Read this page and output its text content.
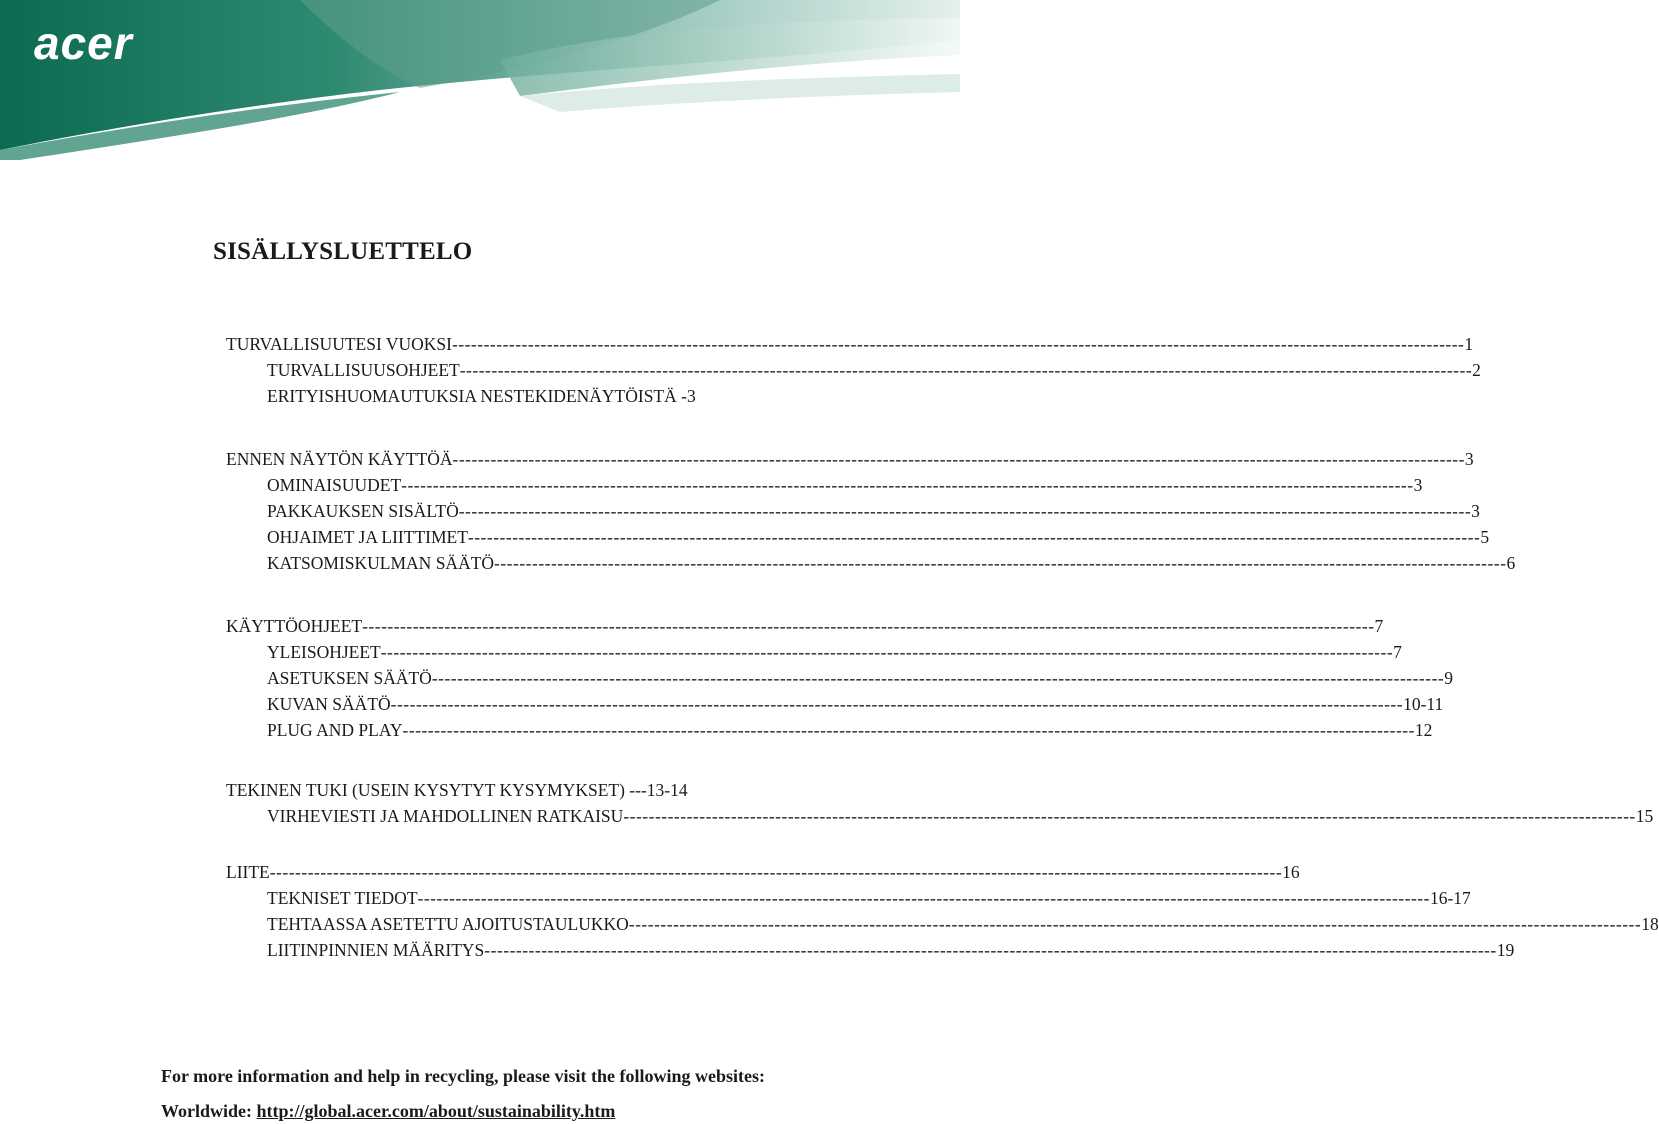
acer
SISÄLLYSLUETTELO
TURVALLISUUTESI VUOKSI ---------------------------------------------------------------------------------------------------------------------------------------------------------------- 1
TURVALLISUUSOHJEET ---------------------------------------------------------------------------------------------------------------------------------------------------------------- 2
ERITYISHUOMAUTUKSIA NESTEKIDENÄYTÖISTÄ - 3
ENNEN NÄYTÖN KÄYTTÖÄ ---------------------------------------------------------------------------------------------------------------------------------------------------------------- 3
OMINAISUUDET ---------------------------------------------------------------------------------------------------------------------------------------------------------------- 3
PAKKAUKSEN SISÄLTÖ ---------------------------------------------------------------------------------------------------------------------------------------------------------------- 3
OHJAIMET JA LIITTIMET ---------------------------------------------------------------------------------------------------------------------------------------------------------------- 5
KATSOMISKULMAN SÄÄTÖ ---------------------------------------------------------------------------------------------------------------------------------------------------------------- 6
KÄYTTÖOHJEET ---------------------------------------------------------------------------------------------------------------------------------------------------------------- 7
YLEISOHJEET ---------------------------------------------------------------------------------------------------------------------------------------------------------------- 7
ASETUKSEN SÄÄTÖ ---------------------------------------------------------------------------------------------------------------------------------------------------------------- 9
KUVAN SÄÄTÖ ---------------------------------------------------------------------------------------------------------------------------------------------------------------- 10-11
PLUG AND PLAY ---------------------------------------------------------------------------------------------------------------------------------------------------------------- 12
TEKINEN TUKI (USEIN KYSYTYT KYSYMYKSET) --- 13-14
VIRHEVIESTI JA MAHDOLLINEN RATKAISU ---------------------------------------------------------------------------------------------------------------------------------------------------------------- 15
LIITE ---------------------------------------------------------------------------------------------------------------------------------------------------------------- 16
TEKNISET TIEDOT ---------------------------------------------------------------------------------------------------------------------------------------------------------------- 16-17
TEHTAASSA ASETETTU AJOITUSTAULUKKO ---------------------------------------------------------------------------------------------------------------------------------------------------------------- 18
LIITINPINNIEN MÄÄRITYS ---------------------------------------------------------------------------------------------------------------------------------------------------------------- 19
For more information and help in recycling, please visit the following websites:
Worldwide: http://global.acer.com/about/sustainability.htm
